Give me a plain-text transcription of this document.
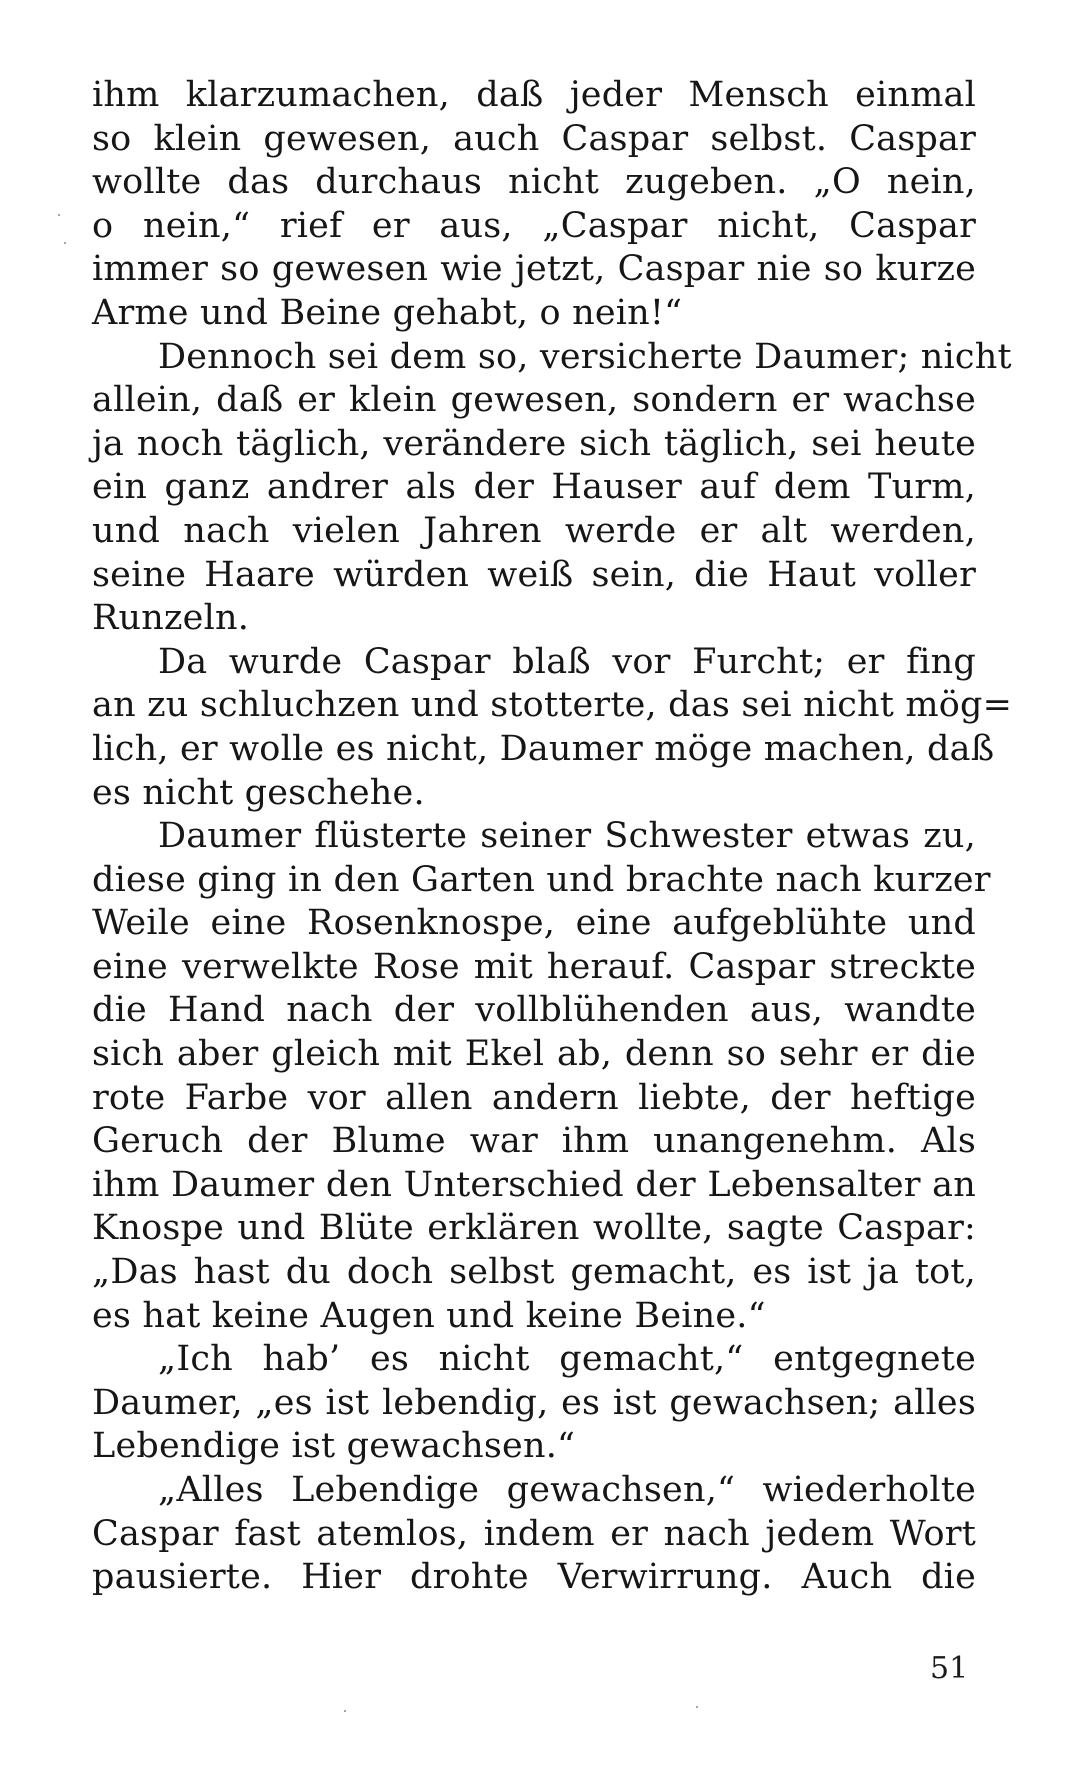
ihm klarzumachen, daß jeder Mensch einmal
so klein gewesen, auch Caspar selbst. Caspar
wollte das durchaus nicht zugeben. „O nein,
o nein,“ rief er aus, „Caspar nicht, Caspar
immer so gewesen wie jetzt, Caspar nie so kurze
Arme und Beine gehabt, o nein!“
Dennoch sei dem so, versicherte Daumer; nicht
allein, daß er klein gewesen, sondern er wachse
ja noch täglich, verändere sich täglich, sei heute
ein ganz andrer als der Hauser auf dem Turm,
und nach vielen Jahren werde er alt werden,
seine Haare würden weiß sein, die Haut voller
Runzeln.
Da wurde Caspar blaß vor Furcht; er fing
an zu schluchzen und stotterte, das sei nicht mög=
lich, er wolle es nicht, Daumer möge machen, daß
es nicht geschehe.
Daumer flüsterte seiner Schwester etwas zu,
diese ging in den Garten und brachte nach kurzer
Weile eine Rosenknospe, eine aufgeblühte und
eine verwelkte Rose mit herauf. Caspar streckte
die Hand nach der vollblühenden aus, wandte
sich aber gleich mit Ekel ab, denn so sehr er die
rote Farbe vor allen andern liebte, der heftige
Geruch der Blume war ihm unangenehm. Als
ihm Daumer den Unterschied der Lebensalter an
Knospe und Blüte erklären wollte, sagte Caspar:
„Das hast du doch selbst gemacht, es ist ja tot,
es hat keine Augen und keine Beine.“
„Ich hab’ es nicht gemacht,“ entgegnete
Daumer, „es ist lebendig, es ist gewachsen; alles
Lebendige ist gewachsen.“
„Alles Lebendige gewachsen,“ wiederholte
Caspar fast atemlos, indem er nach jedem Wort
pausierte. Hier drohte Verwirrung. Auch die
51
